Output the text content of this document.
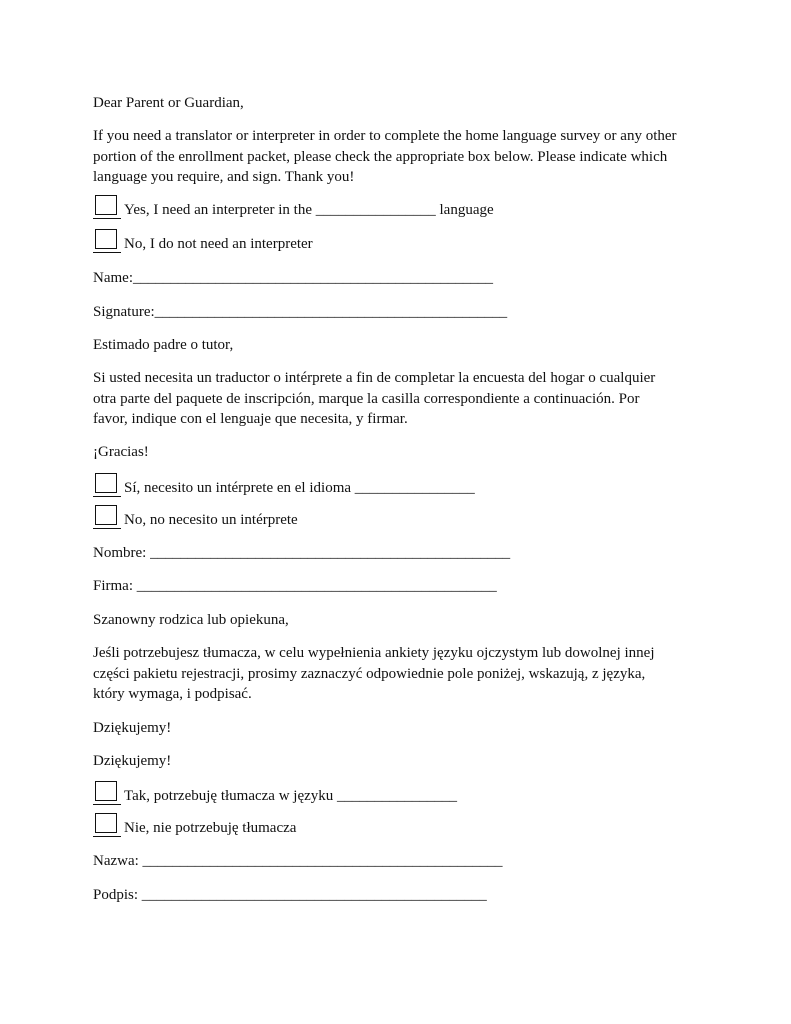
Dear Parent or Guardian,
If you need a translator or interpreter in order to complete the home language survey or any other
portion of the enrollment packet, please check the appropriate box below. Please indicate which
language you require, and sign. Thank you!
Yes, I need an interpreter in the ________________ language
No, I do not need an interpreter
Name:________________________________________________
Signature:_______________________________________________
Estimado padre o tutor,
Si usted necesita un traductor o intérprete a fin de completar la encuesta del hogar o cualquier
otra parte del paquete de inscripción, marque la casilla correspondiente a continuación. Por
favor, indique con el lenguaje que necesita, y firmar.
¡Gracias!
Sí, necesito un intérprete en el idioma ________________
No, no necesito un intérprete
Nombre: ________________________________________________
Firma: ________________________________________________
Szanowny rodzica lub opiekuna,
Jeśli potrzebujesz tłumacza, w celu wypełnienia ankiety języku ojczystym lub dowolnej innej
części pakietu rejestracji, prosimy zaznaczyć odpowiednie pole poniżej, wskazują, z języka,
który wymaga, i podpisać.
Dziękujemy!
Dziękujemy!
Tak, potrzebuję tłumacza w języku ________________
Nie, nie potrzebuję tłumacza
Nazwa: ________________________________________________
Podpis: ______________________________________________
